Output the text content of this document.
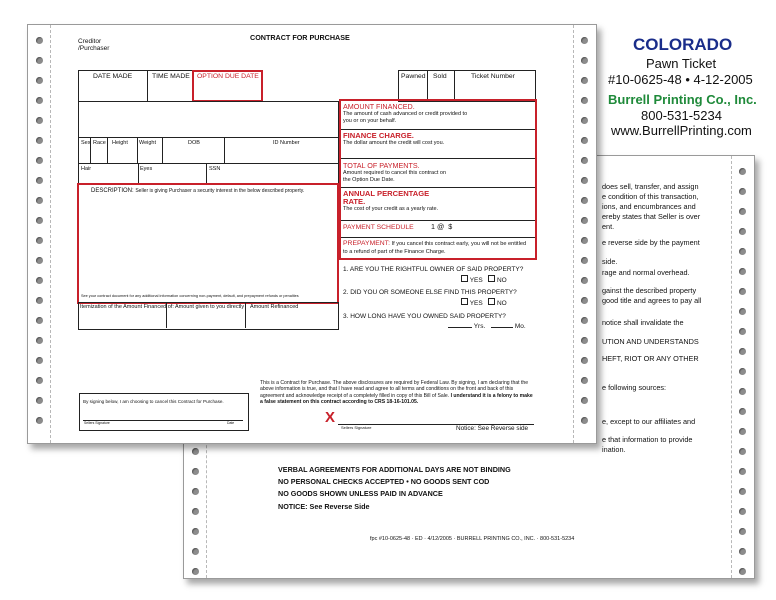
COLORADO
Pawn Ticket
#10-0625-48 • 4-12-2005
Burrell Printing Co., Inc.
800-531-5234
www.BurrellPrinting.com
does sell, transfer, and assign
e condition of this transaction,
ions, and encumbrances and
ereby states that Seller is over
ent.
e reverse side by the payment
side.
rage and normal overhead.
gainst the described property
good title and agrees to pay all
notice shall invalidate the
UTION AND UNDERSTANDS
HEFT, RIOT OR ANY OTHER
e following sources:
e, except to our affiliates and
e that information to provide
ination.
VERBAL AGREEMENTS FOR ADDITIONAL DAYS ARE NOT BINDING
NO PERSONAL CHECKS ACCEPTED • NO GOODS SENT COD
NO GOODS SHOWN UNLESS PAID IN ADVANCE
NOTICE: See Reverse Side
fpc #10-0625-48 · ED · 4/12/2005 · BURRELL PRINTING CO., INC. · 800-531-5234
Creditor
/Purchaser
CONTRACT FOR PURCHASE
DATE MADE	TIME MADE OPTION DUE DATE	Pawned Sold	Ticket Number
Sex Race Height Weight	DOB	ID Number
Hair	Eyes	SSN
DESCRIPTION: Seller is giving Purchaser a security interest in the below described property.
See your contract document for any additional information concerning non-payment, default, and prepayment refunds or penalties
Itemization of the Amount Financed of: Amount given to you directly Amount Refinanced
AMOUNT FINANCED.
The amount of cash advanced or credit provided to you or on your behalf.
FINANCE CHARGE.
The dollar amount the credit will cost you.
TOTAL OF PAYMENTS.
Amount required to cancel this contract on the Option Due Date.
ANNUAL PERCENTAGE RATE.
The cost of your credit as a yearly rate.
PAYMENT SCHEDULE 1 @  $
PREPAYMENT: If you cancel this contract early, you will not be entitled to a refund of part of the Finance Charge.
1. ARE YOU THE RIGHTFUL OWNER OF SAID PROPERTY?
YES NO
2. DID YOU OR SOMEONE ELSE FIND THIS PROPERTY?
YES NO
3. HOW LONG HAVE YOU OWNED SAID PROPERTY?
Yrs.	Mo.
By signing below, I am choosing to cancel this Contract for Purchase.
Sellers Signature	Date
This is a Contract for Purchase. The above disclosures are required by Federal Law. By signing, I am declaring that the above information is true, and that I have read and agree to all terms and conditions on the front and back of this agreement and acknowledge receipt of a completely filled in copy of this Bill of Sale. I understand it is a felony to make a false statement on this contract according to CRS 18-16-101.05.
X
Sellers Signature	Notice: See Reverse side
